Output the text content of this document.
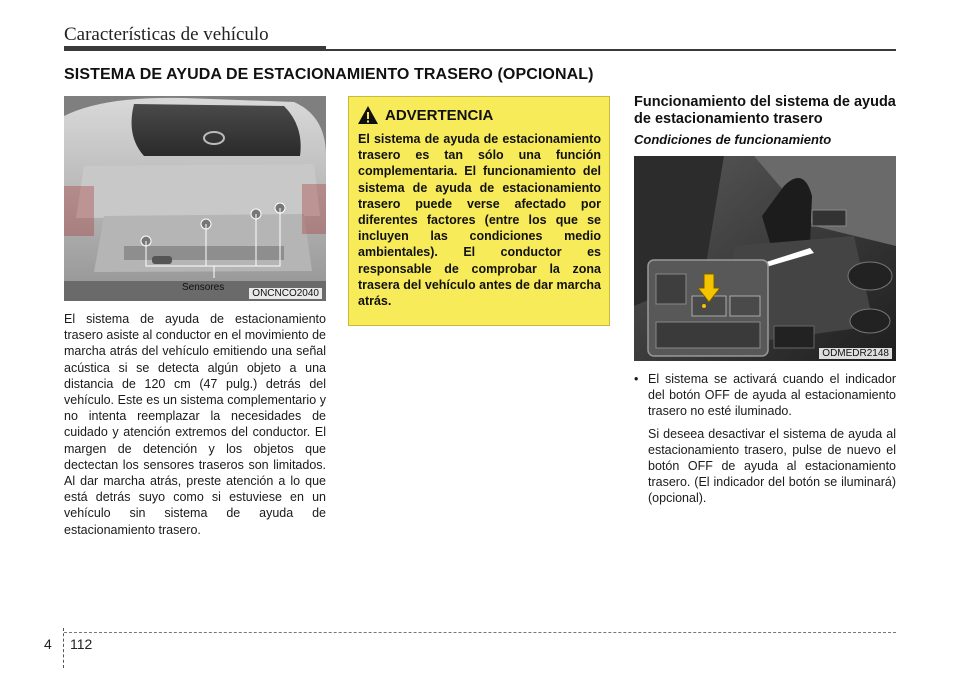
Características de vehículo
SISTEMA DE AYUDA DE ESTACIONAMIENTO TRASERO (OPCIONAL)
Sensores
ONCNCO2040
El sistema de ayuda de estacionamiento trasero asiste al conductor en el movimiento de marcha atrás del vehículo emitiendo una señal acústica si se detecta algún objeto a una distancia de 120 cm (47 pulg.) detrás del vehículo. Este es un sistema complementario y no intenta reemplazar la necesidades de cuidado y atención extremos del conductor. El margen de detención y los objetos que dectectan los sensores traseros son limitados. Al dar marcha atrás, preste atención a lo que está detrás suyo como si estuviese en un vehículo sin sistema de ayuda de estacionamiento trasero.
ADVERTENCIA
El sistema de ayuda de estacionamiento trasero es tan sólo una función complementaria. El funcionamiento del sistema de ayuda de estacionamiento trasero puede verse afectado por diferentes factores (entre los que se incluyen las condiciones medio ambientales). El conductor es responsable de comprobar la zona trasera del vehículo antes de dar marcha atrás.
Funcionamiento del sistema de ayuda de estacionamiento trasero
Condiciones de funcionamiento
ODMEDR2148
• El sistema se activará cuando el indicador del botón OFF de ayuda al estacionamiento trasero no esté iluminado.
Si deseea desactivar el sistema de ayuda al estacionamiento trasero, pulse de nuevo el botón OFF de ayuda al estacionamiento trasero. (El indicador del botón se iluminará) (opcional).
4 112
